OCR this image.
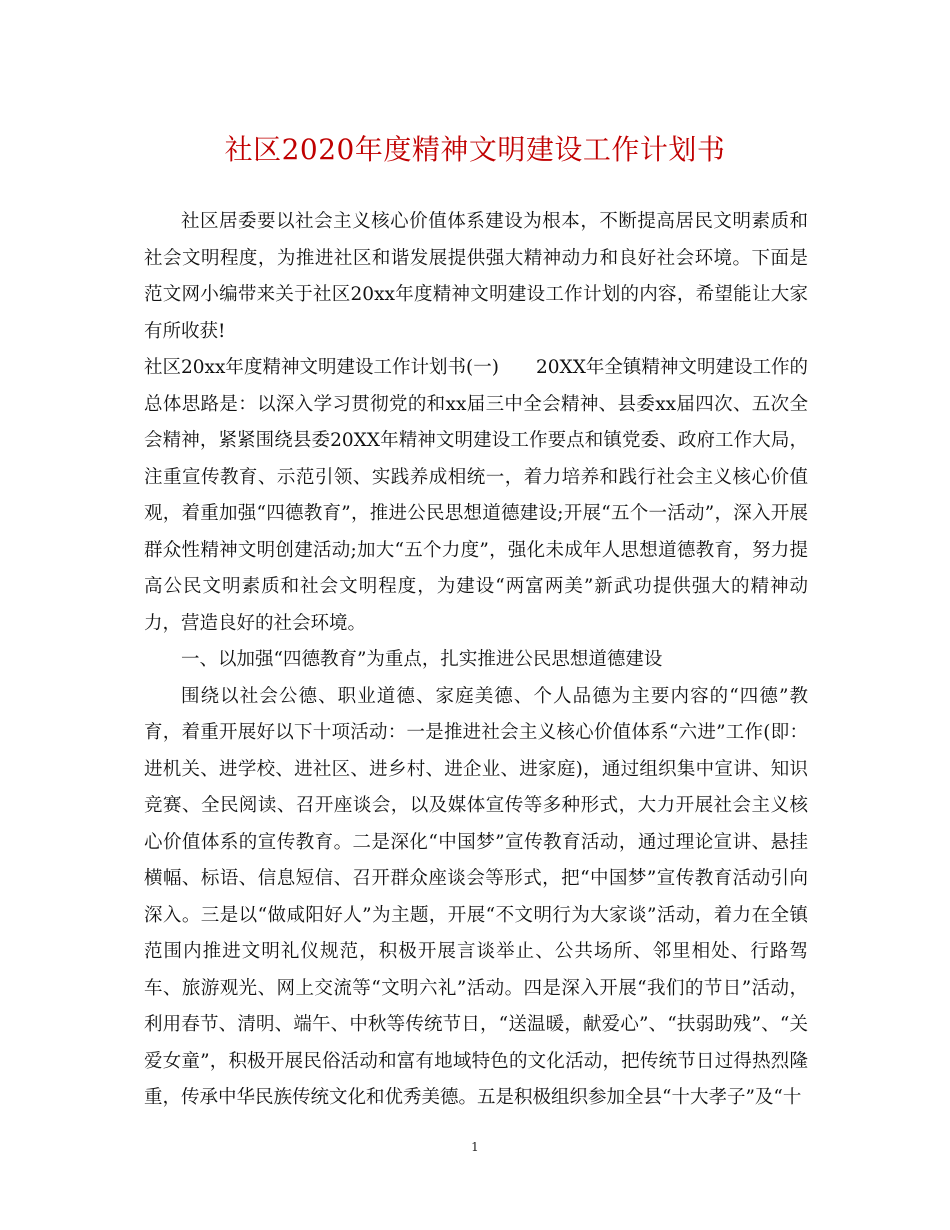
社区2020年度精神文明建设工作计划书

社区居委要以社会主义核心价值体系建设为根本，不断提高居民文明素质和社会文明程度，为推进社区和谐发展提供强大精神动力和良好社会环境。下面是范文网小编带来关于社区20xx年度精神文明建设工作计划的内容，希望能让大家有所收获!

社区20xx年度精神文明建设工作计划书(一)　　20XX年全镇精神文明建设工作的总体思路是：以深入学习贯彻党的和xx届三中全会精神、县委xx届四次、五次全会精神，紧紧围绕县委20XX年精神文明建设工作要点和镇党委、政府工作大局，注重宣传教育、示范引领、实践养成相统一，着力培养和践行社会主义核心价值观，着重加强“四德教育”，推进公民思想道德建设;开展“五个一活动”，深入开展群众性精神文明创建活动;加大“五个力度”，强化未成年人思想道德教育，努力提高公民文明素质和社会文明程度，为建设“两富两美”新武功提供强大的精神动力，营造良好的社会环境。

一、以加强“四德教育”为重点，扎实推进公民思想道德建设

围绕以社会公德、职业道德、家庭美德、个人品德为主要内容的“四德”教育，着重开展好以下十项活动：一是推进社会主义核心价值体系“六进”工作(即：进机关、进学校、进社区、进乡村、进企业、进家庭)，通过组织集中宣讲、知识竞赛、全民阅读、召开座谈会，以及媒体宣传等多种形式，大力开展社会主义核心价值体系的宣传教育。二是深化“中国梦”宣传教育活动，通过理论宣讲、悬挂横幅、标语、信息短信、召开群众座谈会等形式，把“中国梦”宣传教育活动引向深入。三是以“做咸阳好人”为主题，开展“不文明行为大家谈”活动，着力在全镇范围内推进文明礼仪规范，积极开展言谈举止、公共场所、邻里相处、行路驾车、旅游观光、网上交流等“文明六礼”活动。四是深入开展“我们的节日”活动，利用春节、清明、端午、中秋等传统节日，“送温暖，献爱心”、“扶弱助残”、“关爱女童”，积极开展民俗活动和富有地域特色的文化活动，把传统节日过得热烈隆重，传承中华民族传统文化和优秀美德。五是积极组织参加全县“十大孝子”及“十

1
